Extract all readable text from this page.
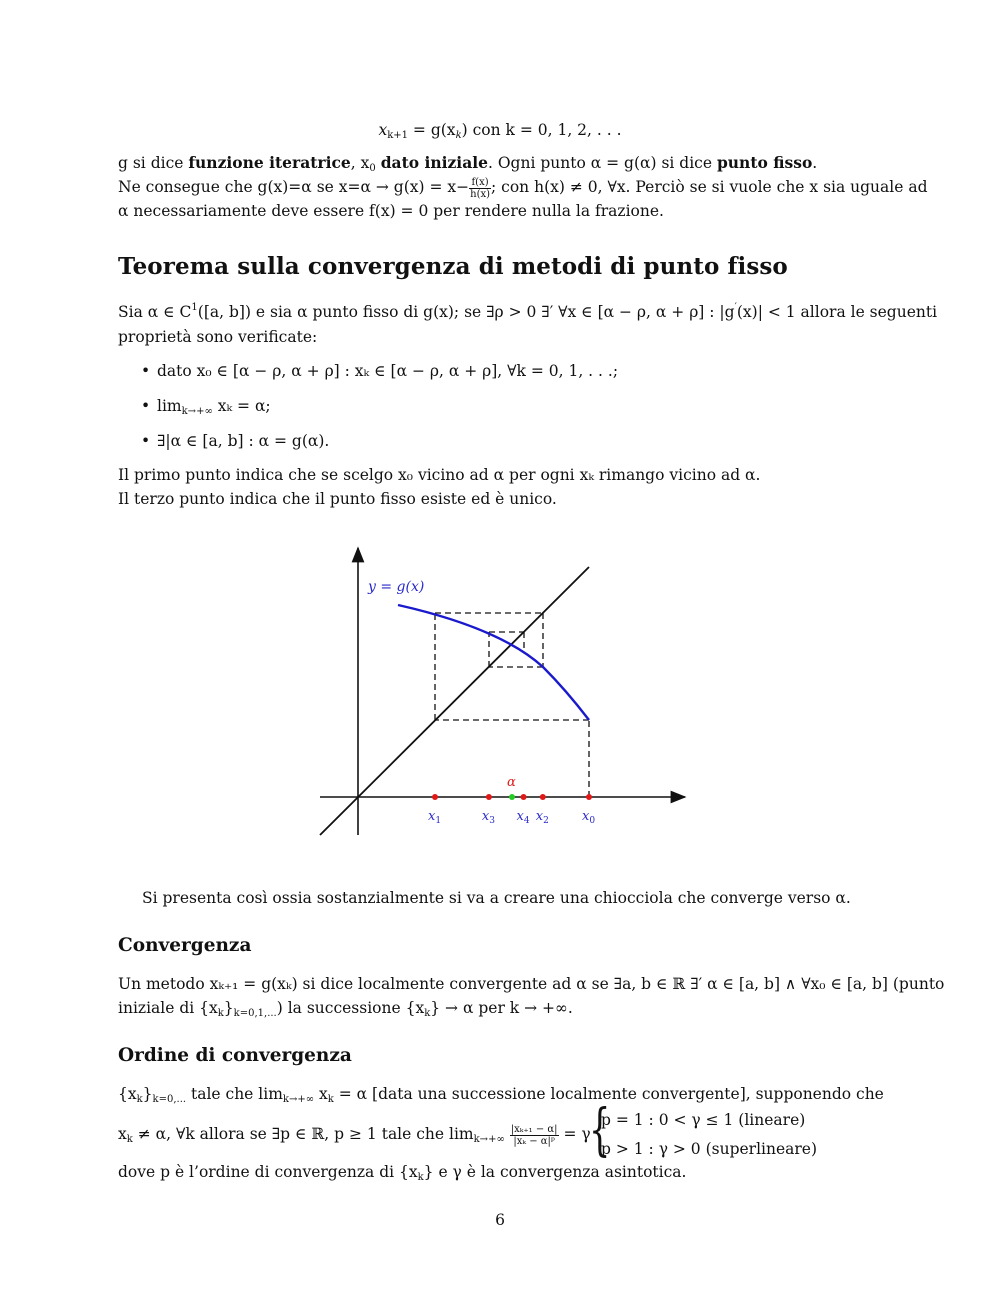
$x_{k+1} = g(x_k)$ con k = 0, 1, 2, . . .
g si dice funzione iteratrice, $x_0$ dato iniziale. Ogni punto α = g(α) si dice punto fisso.
Ne consegue che g(x)=α se $x=\alpha \to g(x) = x- \frac{f(x)}{h(x)}$ ; con h(x) ≠ 0, ∀x. Perciò se si vuole che x sia uguale ad
α necessariamente deve essere f(x) = 0 per rendere nulla la frazione.
Teorema sulla convergenza di metodi di punto fisso
Sia α ∈ $C^1([a$, b]) e sia α punto fisso di g(x); se ∃ρ > 0 ∃′ ∀x ∈ [α − ρ, α + ρ] : |g′(x)| < 1 allora le seguenti
proprietà sono verificate:
• dato x₀ ∈ [α − ρ, α + ρ] : xₖ ∈ [α − ρ, α + ρ], ∀k = 0, 1, . . .;
• $\lim_{k\to+\infty} x_k = \alpha$;
• ∃|α ∈ [a, b] : α = g(α).
Il primo punto indica che se scelgo x₀ vicino ad α per ogni xₖ rimango vicino ad α.
Il terzo punto indica che il punto fisso esiste ed è unico.
y = g(x)
$x_1$	$x_3$ $x_4$ $x_2$	$x_0$
α
Si presenta così ossia sostanzialmente si va a creare una chiocciola che converge verso α.
Convergenza
Un metodo xₖ₊₁ = g(xₖ) si dice localmente convergente ad α se ∃a, b ∈ ℝ ∃′ α ∈ [a, b] ∧ ∀x₀ ∈ [a, b] (punto
iniziale di $\{x_k\}_{k=0,1,...}$) la successione $\{x_k\} \to \alpha$ per k → +∞.
Ordine di convergenza
$\{x_k\}_{k=0,...}$ tale che $\lim_{k\to+\infty} x_k = \alpha$ [data una successione localmente convergente], supponendo che
$x_k \ne \alpha$, ∀k allora se ∃p ∈ ℝ, p ≥ 1 tale che $\lim_{k\to+\infty} \frac{\text{|xₖ₊₁ − α|}}{\text{|xₖ − α|ᵖ}} = \gamma$
{
p = 1 : 0 < γ ≤ 1 (lineare)
p > 1 : γ > 0 (superlineare)
dove p è l’ordine di convergenza di $\{x_k\}$ e γ è la convergenza asintotica.
6
